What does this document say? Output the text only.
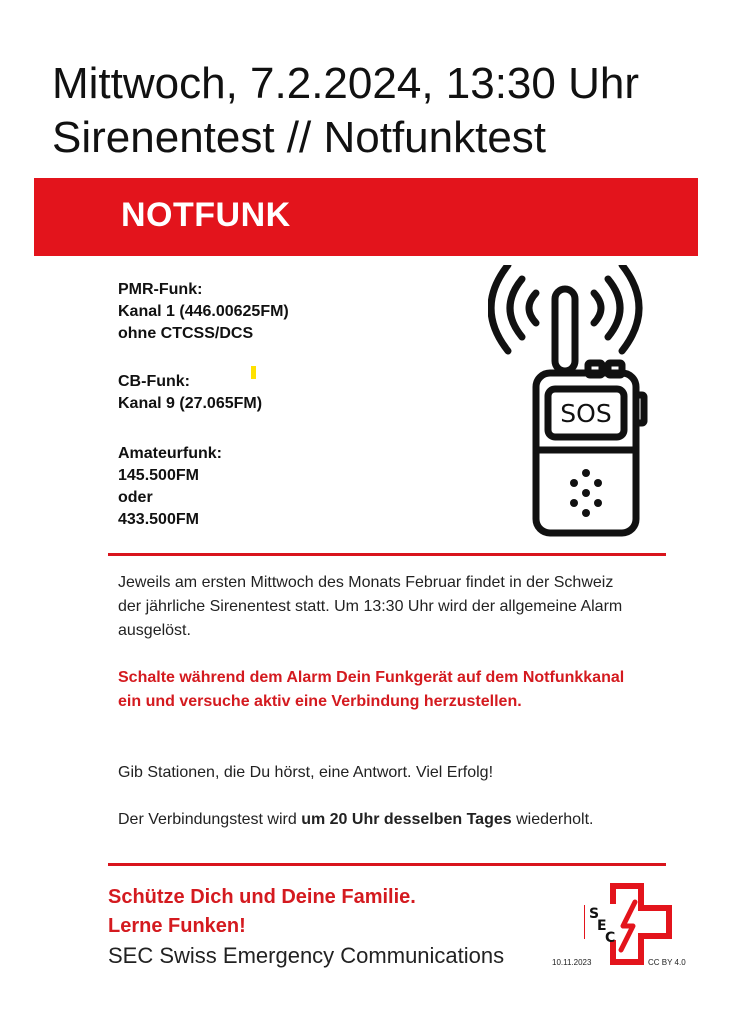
Mittwoch, 7.2.2024, 13:30 Uhr
Sirenentest // Notfunktest
NOTFUNK
PMR-Funk:
Kanal 1 (446.00625FM)
ohne CTCSS/DCS
CB-Funk:
Kanal 9 (27.065FM)
Amateurfunk:
145.500FM
oder
433.500FM
SOS
Jeweils am ersten Mittwoch des Monats Februar findet in der Schweiz der jährliche Sirenentest statt. Um 13:30 Uhr wird der allgemeine Alarm ausgelöst.
Schalte während dem Alarm Dein Funkgerät auf dem Notfunkkanal ein und versuche aktiv eine Verbindung herzustellen.
Gib Stationen, die Du hörst, eine Antwort. Viel Erfolg!
Der Verbindungstest wird um 20 Uhr desselben Tages wiederholt.
Schütze Dich und Deine Familie.
Lerne Funken!
SEC Swiss Emergency Communications
S
E
C
10.11.2023	CC BY 4.0
